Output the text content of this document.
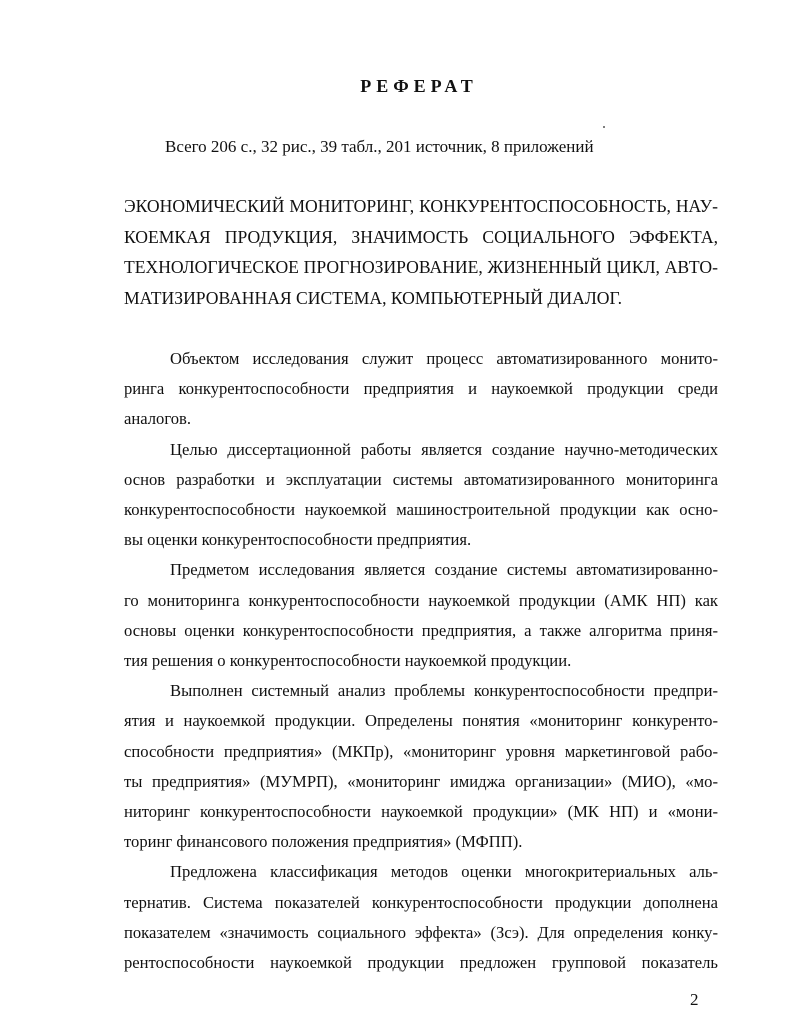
РЕФЕРАТ
Всего 206 с., 32 рис., 39 табл., 201 источник, 8 приложений
ЭКОНОМИЧЕСКИЙ МОНИТОРИНГ, КОНКУРЕНТОСПОСОБНОСТЬ, НАУ-
КОЕМКАЯ ПРОДУКЦИЯ, ЗНАЧИМОСТЬ СОЦИАЛЬНОГО ЭФФЕКТА,
ТЕХНОЛОГИЧЕСКОЕ ПРОГНОЗИРОВАНИЕ, ЖИЗНЕННЫЙ ЦИКЛ, АВТО-
МАТИЗИРОВАННАЯ СИСТЕМА, КОМПЬЮТЕРНЫЙ ДИАЛОГ.

Объектом исследования служит процесс автоматизированного монито-
ринга конкурентоспособности предприятия и наукоемкой продукции среди
аналогов.

Целью диссертационной работы является создание научно-методических
основ разработки и эксплуатации системы автоматизированного мониторинга
конкурентоспособности наукоемкой машиностроительной продукции как осно-
вы оценки конкурентоспособности предприятия.

Предметом исследования является создание системы автоматизированно-
го мониторинга конкурентоспособности наукоемкой продукции (АМК НП) как
основы оценки конкурентоспособности предприятия, а также алгоритма приня-
тия решения о конкурентоспособности наукоемкой продукции.

Выполнен системный анализ проблемы конкурентоспособности предпри-
ятия и наукоемкой продукции. Определены понятия «мониторинг конкуренто-
способности предприятия» (МКПр), «мониторинг уровня маркетинговой рабо-
ты предприятия» (МУМРП), «мониторинг имиджа организации» (МИО), «мо-
ниторинг конкурентоспособности наукоемкой продукции» (МК НП) и «мони-
торинг финансового положения предприятия» (МФПП).

Предложена классификация методов оценки многокритериальных аль-
тернатив. Система показателей конкурентоспособности продукции дополнена
показателем «значимость социального эффекта» (Зсэ). Для определения конку-
рентоспособности наукоемкой продукции предложен групповой показатель

2
